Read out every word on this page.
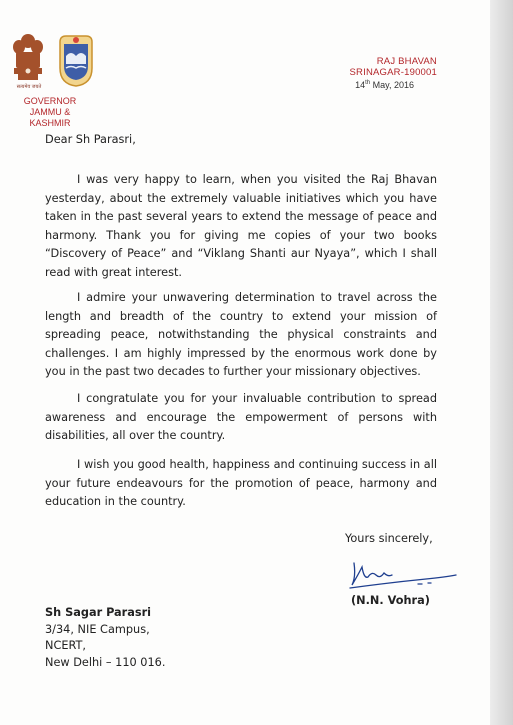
सत्यमेव जयते
GOVERNOR
JAMMU & KASHMIR
RAJ BHAVAN
SRINAGAR-190001
14th May, 2016
Dear Sh Parasri,

I was very happy to learn, when you visited the Raj Bhavan yesterday, about the extremely valuable initiatives which you have taken in the past several years to extend the message of peace and harmony. Thank you for giving me copies of your two books “Discovery of Peace” and “Viklang Shanti aur Nyaya”, which I shall read with great interest.

I admire your unwavering determination to travel across the length and breadth of the country to extend your mission of spreading peace, notwithstanding the physical constraints and challenges. I am highly impressed by the enormous work done by you in the past two decades to further your missionary objectives.

I congratulate you for your invaluable contribution to spread awareness and encourage the empowerment of persons with disabilities, all over the country.

I wish you good health, happiness and continuing success in all your future endeavours for the promotion of peace, harmony and education in the country.

Yours sincerely,
(N.N. Vohra)
Sh Sagar Parasri
3/34, NIE Campus,
NCERT,
New Delhi – 110 016.
